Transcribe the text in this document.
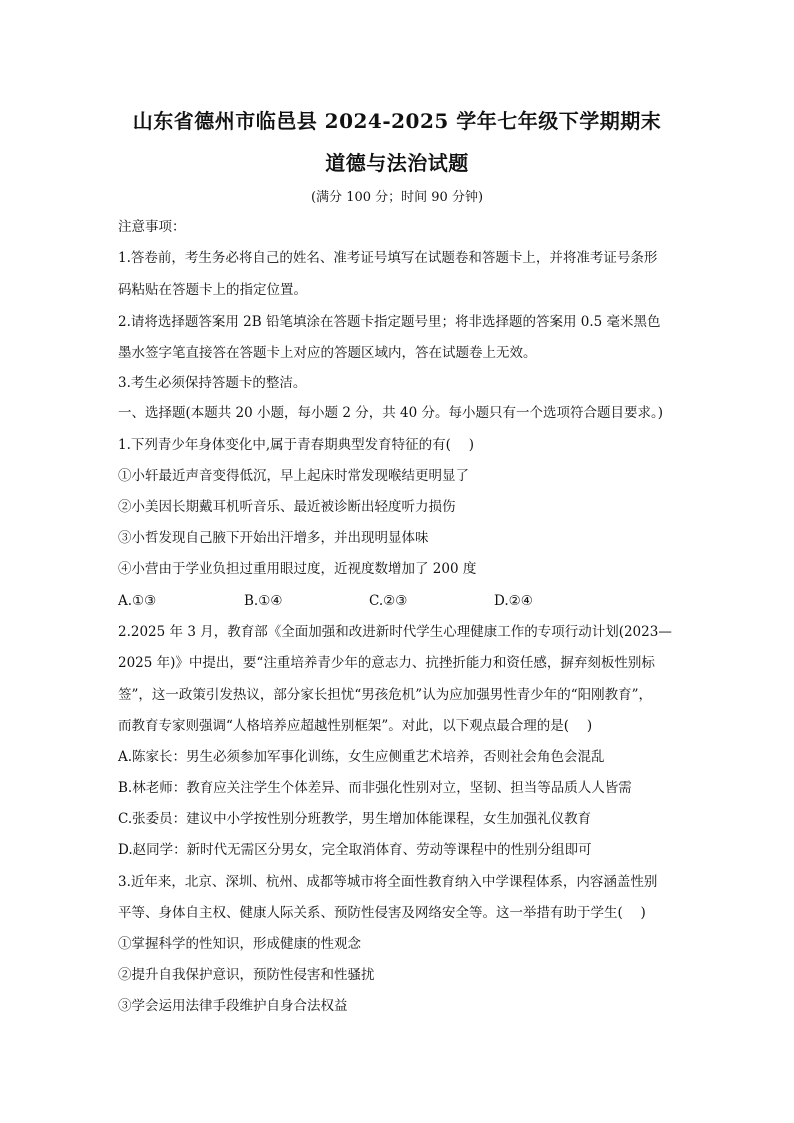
山东省德州市临邑县 2024-2025 学年七年级下学期期末
道德与法治试题
(满分 100 分；时间 90 分钟)
注意事项：
1.答卷前，考生务必将自己的姓名、准考证号填写在试题卷和答题卡上，并将准考证号条形
码粘贴在答题卡上的指定位置。
2.请将选择题答案用 2B 铅笔填涂在答题卡指定题号里；将非选择题的答案用 0.5 毫米黑色
墨水签字笔直接答在答题卡上对应的答题区域内，答在试题卷上无效。
3.考生必须保持答题卡的整洁。
一、选择题(本题共 20 小题，每小题 2 分，共 40 分。每小题只有一个选项符合题目要求。)
1.下列青少年身体变化中,属于青春期典型发育特征的有(　 )
①小轩最近声音变得低沉，早上起床时常发现喉结更明显了
②小美因长期戴耳机听音乐、最近被诊断出轻度听力损伤
③小哲发现自己腋下开始出汗增多，并出现明显体味
④小营由于学业负担过重用眼过度，近视度数增加了 200 度
A.①③	B.①④	C.②③	D.②④
2.2025 年 3 月，教育部《全面加强和改进新时代学生心理健康工作的专项行动计划(2023—
2025 年)》中提出，要“注重培养青少年的意志力、抗挫折能力和资任感，摒弃刻板性别标
签”，这一政策引发热议，部分家长担忧“男孩危机”认为应加强男性青少年的“阳刚教育”，
而教育专家则强调“人格培养应超越性别框架”。对此，以下观点最合理的是(　 )
A.陈家长：男生必须参加军事化训练，女生应侧重艺术培养，否则社会角色会混乱
B.林老师：教育应关注学生个体差异、而非强化性别对立，坚韧、担当等品质人人皆需
C.张委员：建议中小学按性别分班教学，男生增加体能课程，女生加强礼仪教育
D.赵同学：新时代无需区分男女，完全取消体育、劳动等课程中的性别分组即可
3.近年来，北京、深圳、杭州、成都等城市将全面性教育纳入中学课程体系，内容涵盖性别
平等、身体自主权、健康人际关系、预防性侵害及网络安全等。这一举措有助于学生(　 )
①掌握科学的性知识，形成健康的性观念
②提升自我保护意识，预防性侵害和性骚扰
③学会运用法律手段维护自身合法权益
